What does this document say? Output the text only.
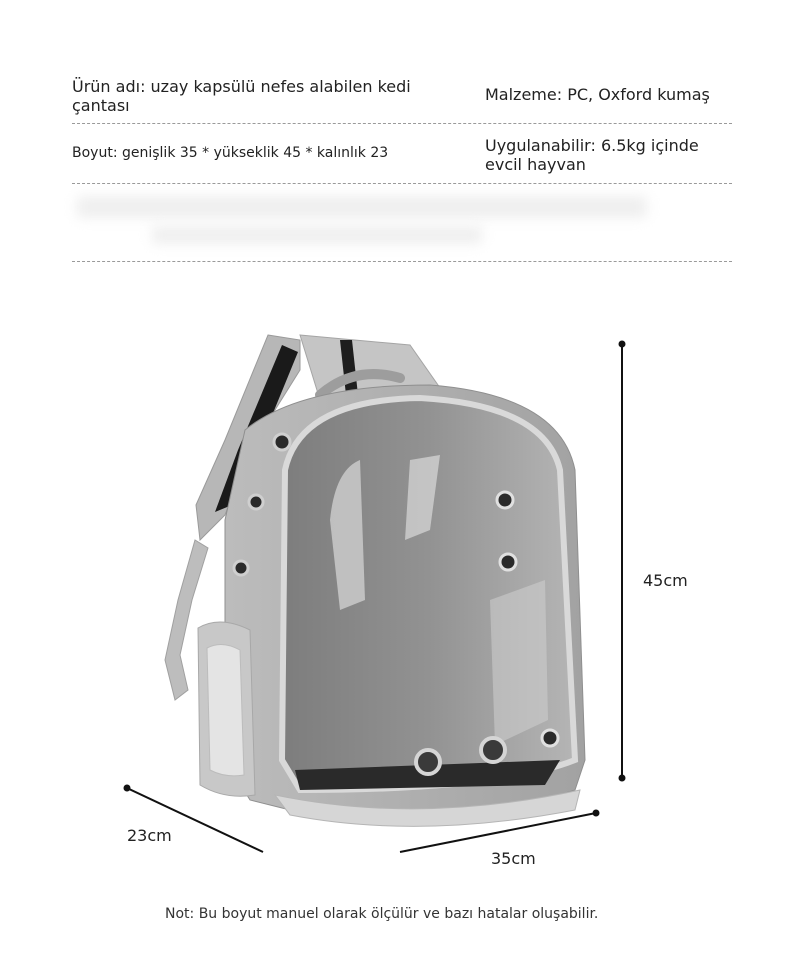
Ürün adı: uzay kapsülü nefes alabilen kedi çantası
Malzeme: PC, Oxford kumaş
Boyut: genişlik 35 * yükseklik 45 * kalınlık 23	Uygulanabilir: 6.5kg içinde evcil hayvan
45cm
23cm
35cm
Not: Bu boyut manuel olarak ölçülür ve bazı hatalar oluşabilir.
